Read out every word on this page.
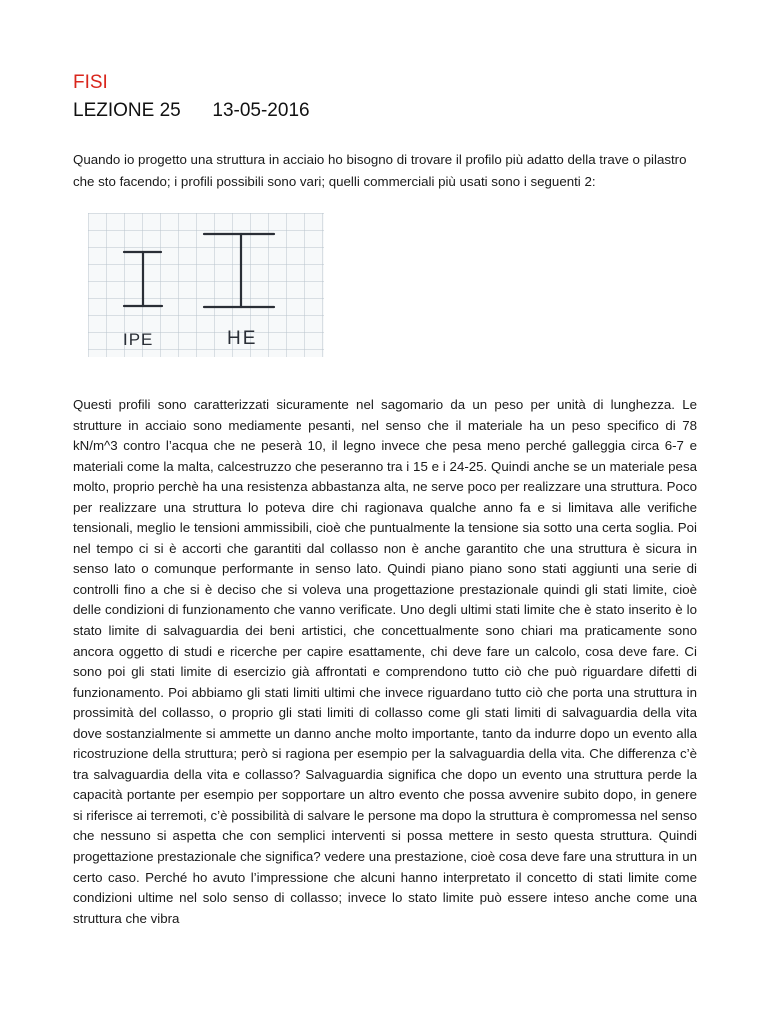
FISI
LEZIONE 25      13-05-2016
Quando io progetto una struttura in acciaio ho bisogno di trovare il profilo più adatto della trave o pilastro che sto facendo; i profili possibili sono vari; quelli commerciali più usati sono i seguenti 2:
IPE	HE
Questi profili sono caratterizzati sicuramente nel sagomario da un peso per unità di lunghezza. Le strutture in acciaio sono mediamente pesanti, nel senso che il materiale ha un peso specifico di 78 kN/m^3 contro l’acqua che ne peserà 10, il legno invece che pesa meno perché galleggia circa 6-7 e materiali come la malta, calcestruzzo che peseranno tra i 15 e i 24-25. Quindi anche se un materiale pesa molto, proprio perchè ha una resistenza abbastanza alta, ne serve poco per realizzare una struttura. Poco per realizzare una struttura lo poteva dire chi ragionava qualche anno fa e si limitava alle verifiche tensionali, meglio le tensioni ammissibili, cioè che puntualmente la tensione sia sotto una certa soglia. Poi nel tempo ci si è accorti che garantiti dal collasso non è anche garantito che una struttura è sicura in senso lato o comunque performante in senso lato. Quindi piano piano sono stati aggiunti una serie di controlli fino a che si è deciso che si voleva una progettazione prestazionale quindi gli stati limite, cioè delle condizioni di funzionamento che vanno verificate. Uno degli ultimi stati limite che è stato inserito è lo stato limite di salvaguardia dei beni artistici, che concettualmente sono chiari ma praticamente sono ancora oggetto di studi e ricerche per capire esattamente, chi deve fare un calcolo, cosa deve fare. Ci sono poi gli stati limite di esercizio già affrontati e comprendono tutto ciò che può riguardare difetti di funzionamento. Poi abbiamo gli stati limiti ultimi che invece riguardano tutto ciò che porta una struttura in prossimità del collasso, o proprio gli stati limiti di collasso come gli stati limiti di salvaguardia della vita dove sostanzialmente si ammette un danno anche molto importante, tanto da indurre dopo un evento alla ricostruzione della struttura; però si ragiona per esempio per la salvaguardia della vita. Che differenza c’è tra salvaguardia della vita e collasso? Salvaguardia significa che dopo un evento una struttura perde la capacità portante per esempio per sopportare un altro evento che possa avvenire subito dopo, in genere si riferisce ai terremoti, c’è possibilità di salvare le persone ma dopo la struttura è compromessa nel senso che nessuno si aspetta che con semplici interventi si possa mettere in sesto questa struttura. Quindi progettazione prestazionale che significa? vedere una prestazione, cioè cosa deve fare una struttura in un certo caso. Perché ho avuto l’impressione che alcuni hanno interpretato il concetto di stati limite come condizioni ultime nel solo senso di collasso; invece lo stato limite può essere inteso anche come una struttura che vibra
